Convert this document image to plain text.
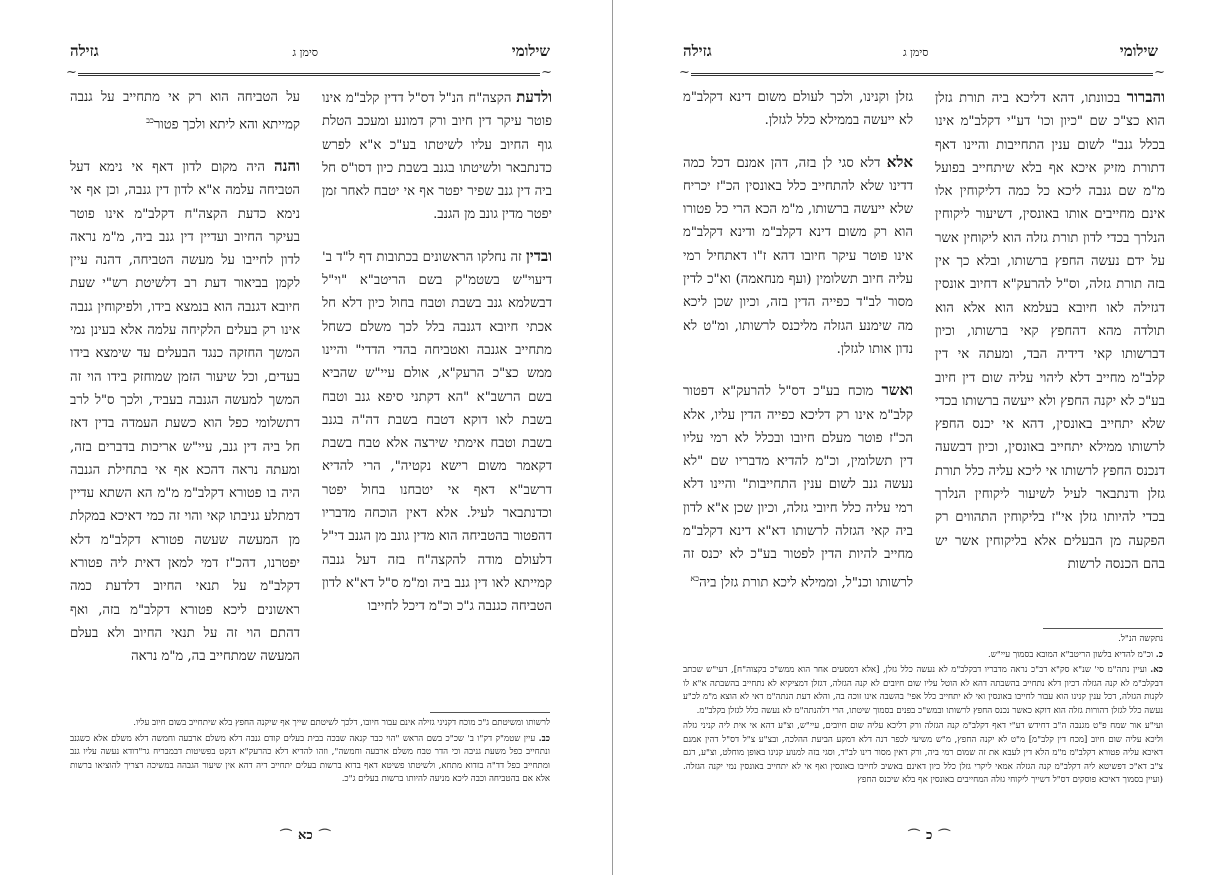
שילומי
סימן ג
גזילה
~	~

ולדעת הקצה"ח הנ"ל דס"ל דדין קלב"מ אינו פוטר עיקר דין חיוב ורק דמונע ומעכב הטלת גוף החיוב עליו לשיטתו בע"כ א"א לפרש כדנתבאר ולשיטתו בגנב בשבת כיון דסו"ס חל ביה דין גנב שפיר יפטר אף אי יטבח לאחר זמן יפטר מדין גונב מן הגנב.

ובדין זה נחלקו הראשונים בכתובות דף ל"ד ב' דיעוי"ש בשטמ"ק בשם הריטב"א "וי"ל דבשלמא גנב בשבת וטבח בחול כיון דלא חל אכתי חיובא דגנבה בלל לכך משלם כשחל מתחייב אגנבה ואטביחה בהדי הדדי" והיינו ממש כצ"כ הרעק"א, אולם עיי"ש שהביא בשם הרשב"א "הא דקתני סיפא גנב וטבח בשבת לאו דוקא דטבח בשבת דה"ה בגנב בשבת וטבח אימתי שירצה אלא טבח בשבת דקאמר משום רישא נקטיה", הרי להדיא דרשב"א דאף אי יטבחנו בחול יפטר וכדנתבאר לעיל. אלא דאין הוכחה מדבריו דהפטור בהטביחה הוא מדין גונב מן הגנב די"ל דלעולם מודה להקצה"ח בזה דעל גנבה קמייתא לאו דין גנב ביה ומ"מ ס"ל דא"א לדון הטביחה כגנבה ג"כ וכ"מ דיכל לחייבו

על הטביחה הוא רק אי מתחייב על גנבה קמייתא והא ליתא ולכך פטור$^{כב}$

והנה היה מקום לדון דאף אי נימא דעל הטביחה עלמה א"א לדון דין גנבה, וכן אף אי נימא כדעת הקצה"ח דקלב"מ אינו פוטר בעיקר החיוב ועדיין דין גנב ביה, מ"מ נראה לדון לחייבו על מעשה הטביחה, דהנה עיין לקמן בביאור דעת רב דלשיטת רש"י שעת חיובא דגנבה הוא בנמצא בידו, ולפיקוחין גנבה אינו רק בעלים הלקיחה עלמה אלא בעינן נמי המשך החזקה כנגד הבעלים עד שימצא בידו בעדים, וכל שיעור הזמן שמוחזק בידו הוי זה המשך למעשה הגנבה בעביד, ולכך ס"ל לרב דתשלומי כפל הוא כשעת העמדה בדין דאז חל ביה דין גנב, עיי"ש אריכות בדברים בזה, ומעתה נראה דהכא אף אי בתחילת הגנבה היה בו פטורא דקלב"מ מ"מ הא השתא עדיין דמתלע גניבתו קאי והוי זה כמי דאיכא במקלת מן המעשה שעשה פטורא דקלב"מ דלא יפטרנו, דהכ"ז דמי למאן דאית ליה פטורא דקלב"מ על תנאי החיוב דלדעת כמה ראשונים ליכא פטורא דקלב"מ בזה, ואף דהתם הוי זה על תנאי החיוב ולא בעלם המעשה שמתחייב בה, מ"מ נראה

לרשותו ומשיטתם ג"כ מוכח דקניני גזילה אינם עבור חיובו, דלכך לשיטתם שייך אף שיקנה החפץ בלא שיתחייב בשום חיוב עליו.

כב. עיין שטמ"ק דק"ו ב' שכ"כ בשם הראש "הוי כבר קנאה שבכה בבית בעלים קודם גנבה דלא משלם ארבעה וחמשה דלא משלם אלא כשגנב ונתחייב כפל משעת גניבה וכי הדר טבח משלם ארבעה וחמשה", וזהו להדיא דלא כהרעק"א דנקט בפשיטות דבמבריח גר"דודא נעשה עליו גנב ומתחייב כפל דד"ה בזדוא מתחא, ולשיטתו פשיטא דאף בדוא ברשות בעלים יתחייב דיה דהא אין שיעור הגבהה במשיכה דצריך להוציאו ברשות אלא אם בהטביחה וכבה ליכא מניעה להיותו ברשות בעלים ג"כ.

⌒ כא ⌒
שילומי
סימן ג
גזילה
~	~

והברור בכוונתו, דהא דליכא ביה תורת גזלן הוא כצ"כ שם "כיון וכו' דע"י דקלב"מ אינו בכלל גנב" לשום ענין התחייבות והיינו דאף דתורת מזיק איכא אף בלא שיתחייב בפועל מ"מ שם גנבה ליכא כל כמה דליקוחין אלו אינם מחייבים אותו באונסין, דשיעור ליקוחין הנלרך בכדי לדון תורת גזלה הוא ליקוחין אשר על ידם נעשה החפץ ברשותו, ובלא כך אין בזה תורת גזלה, וס"ל להרעק"א דחיוב אונסין דגזילה לאו חיובא בעלמא הוא אלא הוא תולדה מהא דהחפץ קאי ברשותו, וכיון דברשותו קאי דידיה הבד, ומעתה אי דין קלב"מ מחייב דלא ליהוי עליה שום דין חיוב בע"כ לא יקנה החפץ ולא ייעשה ברשותו בכדי שלא יתחייב באונסין, דהא אי יכנס החפץ לרשותו ממילא יתחייב באונסין, וכיון דבשעה דנכנס החפץ לרשותו אי ליכא עליה כלל תורת גזלן ודנתבאר לעיל לשיעור ליקוחין הנלרך בכדי להיותו גזלן אי"ז בליקוחין התהווים רק הפקעה מן הבעלים אלא בליקוחין אשר יש בהם הכנסה לרשות

גזלן וקנינו, ולכך לעולם משום דינא דקלב"מ לא ייעשה בממילא כלל לגזלן.

אלא דלא סגי לן בזה, דהן אמנם דכל כמה דדינו שלא להתחייב כלל באונסין הכ"ז יכריח שלא ייעשה ברשותו, מ"מ הכא הרי כל פטורו הוא רק משום דינא דקלב"מ ודינא דקלב"מ אינו פוטר עיקר חיובו דהא ז"ו דאתחיל רמי עליה חיוב תשלומין (ועף מנחאמה) וא"כ לדין מסור לב"ד כפייה הדין בזה, וכיון שכן ליכא מה שימנע הגזלה מליכנס לרשותו, ומ"ט לא נדון אותו לגזלן.

ואשר מוכח בע"כ דס"ל להרעק"א דפטור קלב"מ אינו רק דליכא כפייה הדין עליו, אלא הכ"ז פוטר מעלם חיובו ובכלל לא רמי עליו דין תשלומין, וכ"מ להדיא מדבריו שם "לא נעשה גנב לשום ענין התחייבות" והיינו דלא רמי עליה כלל חיובי גזלה, וכיון שכן א"א לדון ביה קאי הגזלה לרשותו דא"א דינא דקלב"מ מחייב להיות הדין לפטור בע"כ לא יכנס זה לרשותו וכנ"ל, וממילא ליכא תורת גזלן ביה$^{כא}$

נתקשה הנ"ל.

כ. וכ"מ להדיא בלשון הריטב"א המובא בסמוך עיי"ש.

כא. ועיין נתה"מ סי' שנ"א סק"א דב"כ נראה מדבריו דבקלב"מ לא נעשה כלל גזלן, [אלא דמסעים אחר הוא ממש"כ בקצוה"ח], דעי"ש שכתב דבקלב"מ לא קנה הגזלה דכיון דלא נתחייב בהשבתה דהא לא הוטל עליו שום חיובים לא קנה הגזלה, דגזלן דמציקיא לא נתחייב בהשבתה א"א לו לקנות הגזלה, דכל ענין קנינו הוא עבור לחייבו באונסין ואי לא יתחייב כלל אפי' בהשבה אינו זוכה בה, והלא דעת הנתה"מ דאי לא הוצא מ"מ לכ"ע נעשה כלל לגזלן דהורות גזלה הוא דוקא כאשר נכנס החפץ לרשותו ובמש"כ בפנים בסמוך שיטתו, הרי דלהנתה"מ לא נעשה כלל לגזלן בקלב"מ.

ועי"ע אור שמח פ"ט מגנבה ה"ב דחידש דע"י דאף דקלב"מ קנה הגזלה ורק דליכא עליה שום חיובים, עיי"ש, וצ"ע דהא אי אית ליה קניני גזלה וליכא עליה שום חיוב [מכח דין קלב"מ] מ"ט לא יקנה החפץ, מ"ש משיעי לכפר דנה דלא דמקע הביעת ההלכה, ובצ"ע צ"ל דס"ל דהין אמנם דאיכא עליה פטורא דקלב"מ מ"מ הלא דין לעבא את זה שמום רמי ביה, ורק דאין מסור דינו לב"ד, וסגי בזה למנוע קנינו באופן מוחלט, וצ"ע, דגם צ"ב דא"כ דפשיטא ליה דקלב"מ קנה הגזלה אמאי ליקרי גזלן כלל כיון דאינם באשיב לחייבו באונסין ואף אי לא יתחייב באונסין נמי יקנה הגזלה. (ועיין בסמוך דאיכא פוסקים דס"ל דשייך ליקוחי גזלה המחייבים באונסין אף בלא שיכנס החפץ

⌒ כ ⌒
